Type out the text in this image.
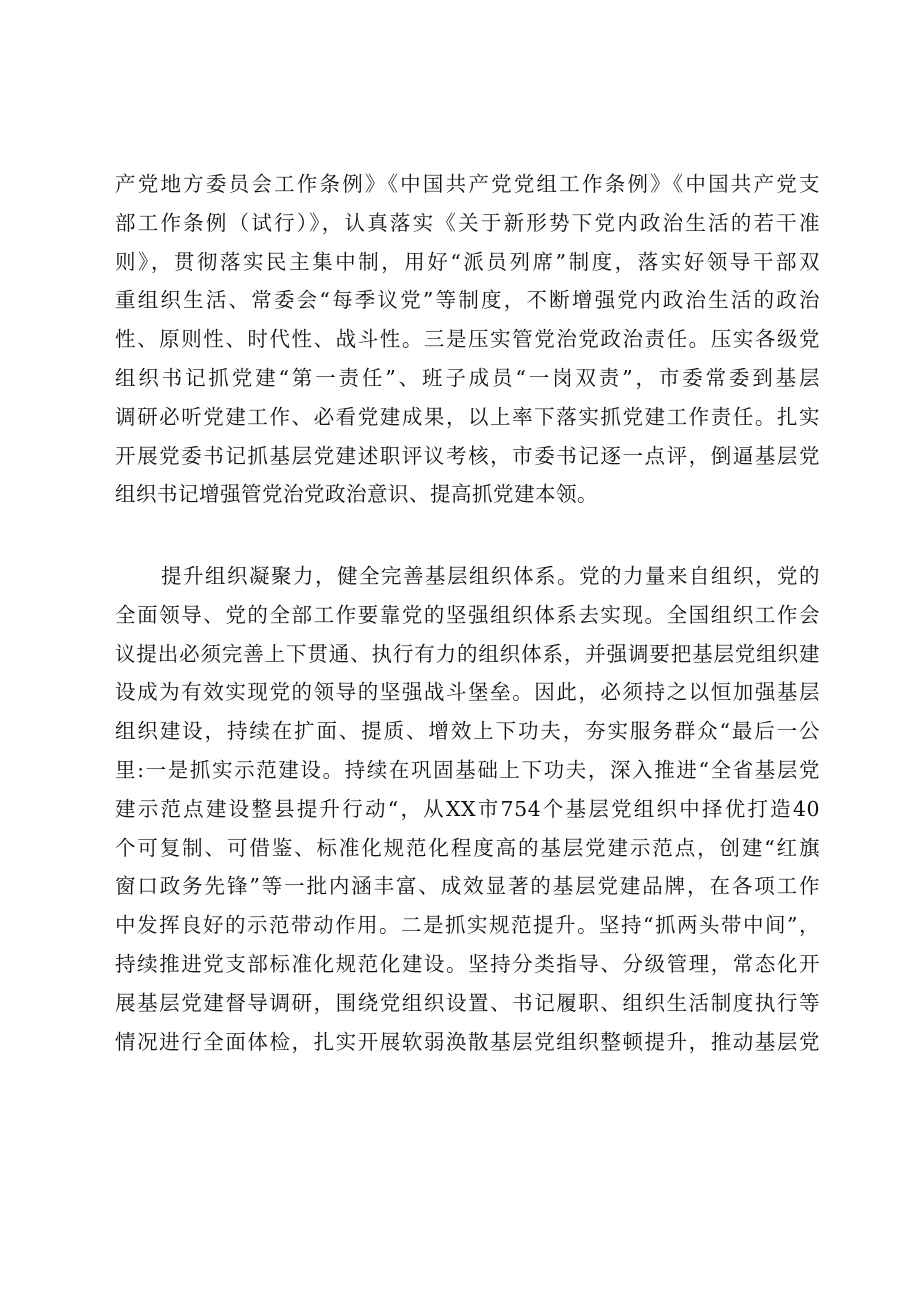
产党地方委员会工作条例》《中国共产党党组工作条例》《中国共产党支
部工作条例（试行）》，认真落实《关于新形势下党内政治生活的若干准
则》，贯彻落实民主集中制，用好“派员列席”制度，落实好领导干部双
重组织生活、常委会“每季议党”等制度，不断增强党内政治生活的政治
性、原则性、时代性、战斗性。三是压实管党治党政治责任。压实各级党
组织书记抓党建“第一责任”、班子成员“一岗双责”，市委常委到基层
调研必听党建工作、必看党建成果，以上率下落实抓党建工作责任。扎实
开展党委书记抓基层党建述职评议考核，市委书记逐一点评，倒逼基层党
组织书记增强管党治党政治意识、提高抓党建本领。
提升组织凝聚力，健全完善基层组织体系。党的力量来自组织，党的
全面领导、党的全部工作要靠党的坚强组织体系去实现。全国组织工作会
议提出必须完善上下贯通、执行有力的组织体系，并强调要把基层党组织建
设成为有效实现党的领导的坚强战斗堡垒。因此，必须持之以恒加强基层
组织建设，持续在扩面、提质、增效上下功夫，夯实服务群众“最后一公
里:一是抓实示范建设。持续在巩固基础上下功夫，深入推进“全省基层党
建示范点建设整县提升行动“，从XX市754个基层党组织中择优打造40
个可复制、可借鉴、标准化规范化程度高的基层党建示范点，创建“红旗
窗口政务先锋”等一批内涵丰富、成效显著的基层党建品牌，在各项工作
中发挥良好的示范带动作用。二是抓实规范提升。坚持“抓两头带中间”，
持续推进党支部标准化规范化建设。坚持分类指导、分级管理，常态化开
展基层党建督导调研，围绕党组织设置、书记履职、组织生活制度执行等
情况进行全面体检，扎实开展软弱涣散基层党组织整顿提升，推动基层党
